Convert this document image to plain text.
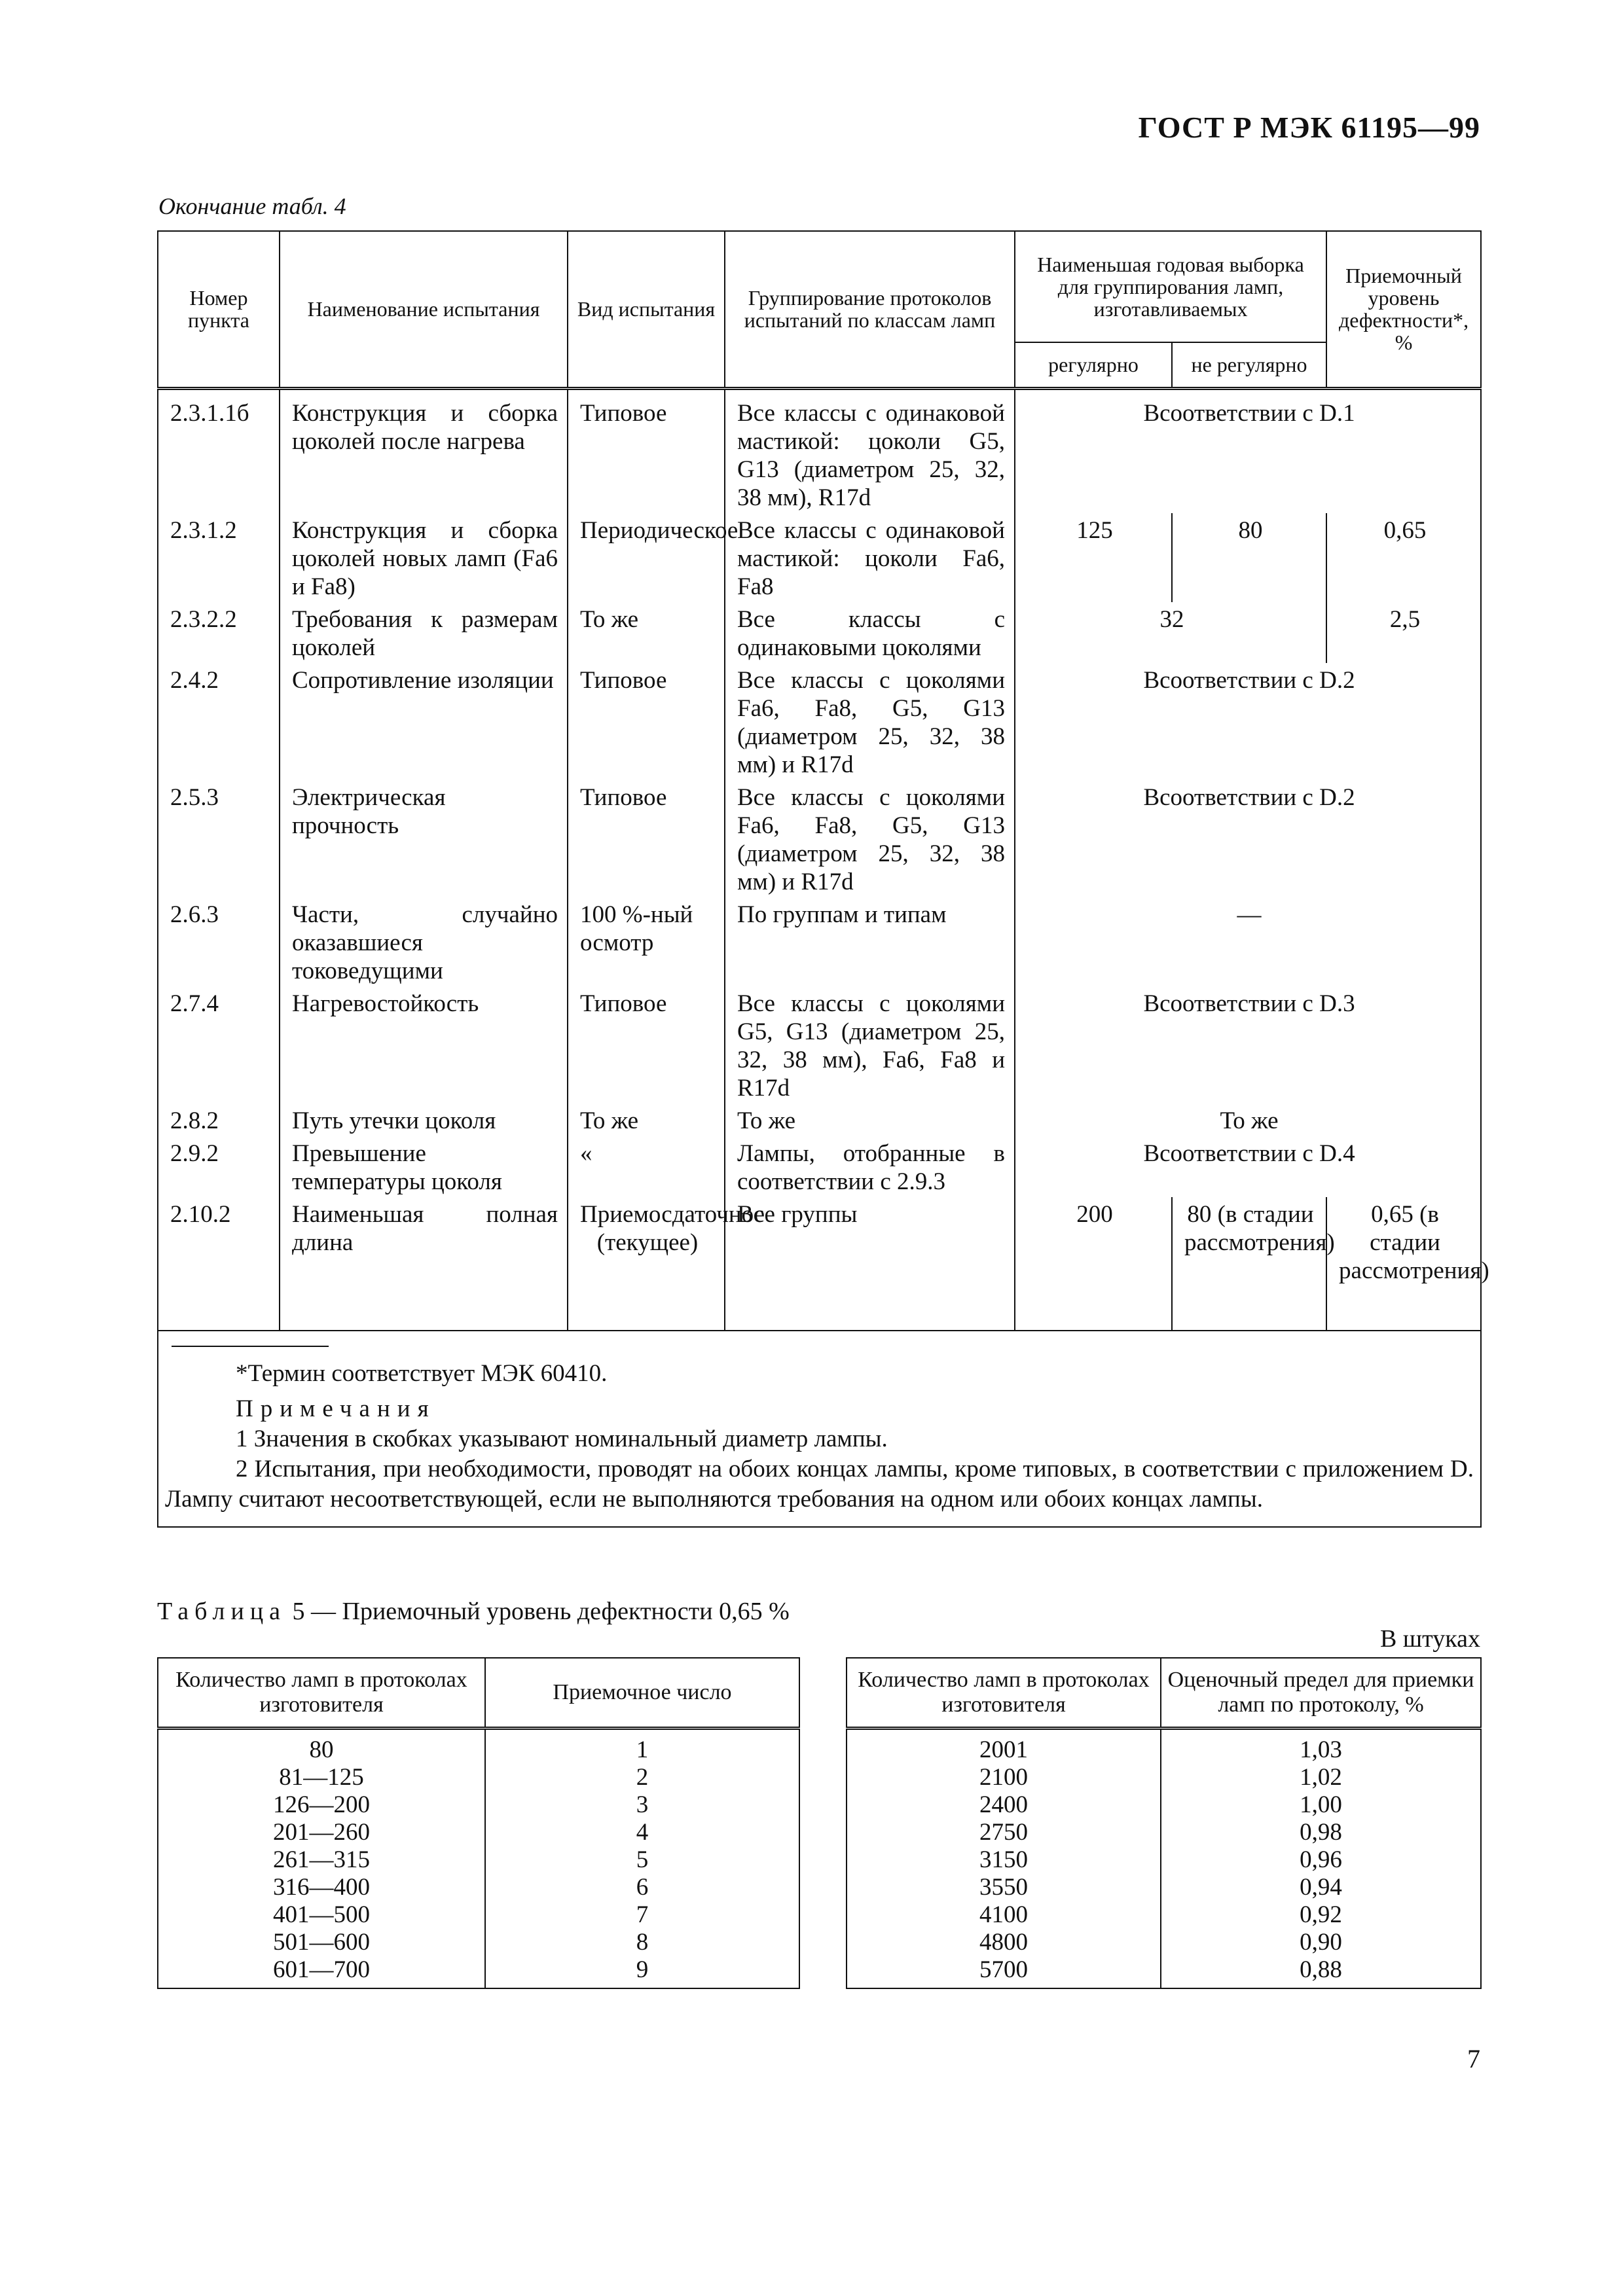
ГОСТ Р МЭК 61195—99
Окончание табл. 4
Номер пункта	Наименование испытания	Вид испытания	Группирование протоколов испытаний по классам ламп	Наименьшая годовая выборка для группирования ламп, изготавливаемых		Приемочный уровень дефектности*, %
				регулярно	не регулярно	
2.3.1.1б	Конструкция и сборка цоколей после нагрева	Типовое	Все классы с одинаковой мастикой: цоколи G5, G13 (диаметром 25, 32, 38 мм), R17d	Всоответствии с D.1		
2.3.1.2	Конструкция и сборка цоколей новых ламп (Fa6 и Fa8)	Периодическое	Все классы с одинаковой мастикой: цоколи Fa6, Fa8	125	80	0,65
2.3.2.2	Требования к размерам цоколей	То же	Все классы с одинаковыми цоколями	32		2,5
2.4.2	Сопротивление изоляции	Типовое	Все классы с цоколями Fa6, Fa8, G5, G13 (диаметром 25, 32, 38 мм) и R17d	Всоответствии с D.2		
2.5.3	Электрическая прочность	Типовое	Все классы с цоколями Fa6, Fa8, G5, G13 (диаметром 25, 32, 38 мм) и R17d	Всоответствии с D.2		
2.6.3	Части, случайно оказавшиеся токоведущими	100 %-ный осмотр	По группам и типам	—		
2.7.4	Нагревостойкость	Типовое	Все классы с цоколями G5, G13 (диаметром 25, 32, 38 мм), Fa6, Fa8 и R17d	Всоответствии с D.3		
2.8.2	Путь утечки цоколя	То же	То же	То же		
2.9.2	Превышение температуры цоколя	«	Лампы, отобранные в соответствии с 2.9.3	Всоответствии с D.4		
2.10.2	Наименьшая полная длина	Приемосдаточное (текущее)	Все группы	200	80 (в стадии рассмотрения)	0,65 (в стадии рассмотрения)

*Термин соответствует МЭК 60410.
Примечания
1 Значения в скобках указывают номинальный диаметр лампы.
2 Испытания, при необходимости, проводят на обоих концах лампы, кроме типовых, в соответствии с приложением D. Лампу считают несоответствующей, если не выполняются требования на одном или обоих концах лампы.						
Таблица 5 — Приемочный уровень дефектности 0,65 %
В штуках
Количество ламп в протоколах изготовителя	Приемочное число
80	1
81—125	2
126—200	3
201—260	4
261—315	5
316—400	6
401—500	7
501—600	8
601—700	9
Количество ламп в протоколах изготовителя	Оценочный предел для приемки ламп по протоколу, %
2001	1,03
2100	1,02
2400	1,00
2750	0,98
3150	0,96
3550	0,94
4100	0,92
4800	0,90
5700	0,88
7
